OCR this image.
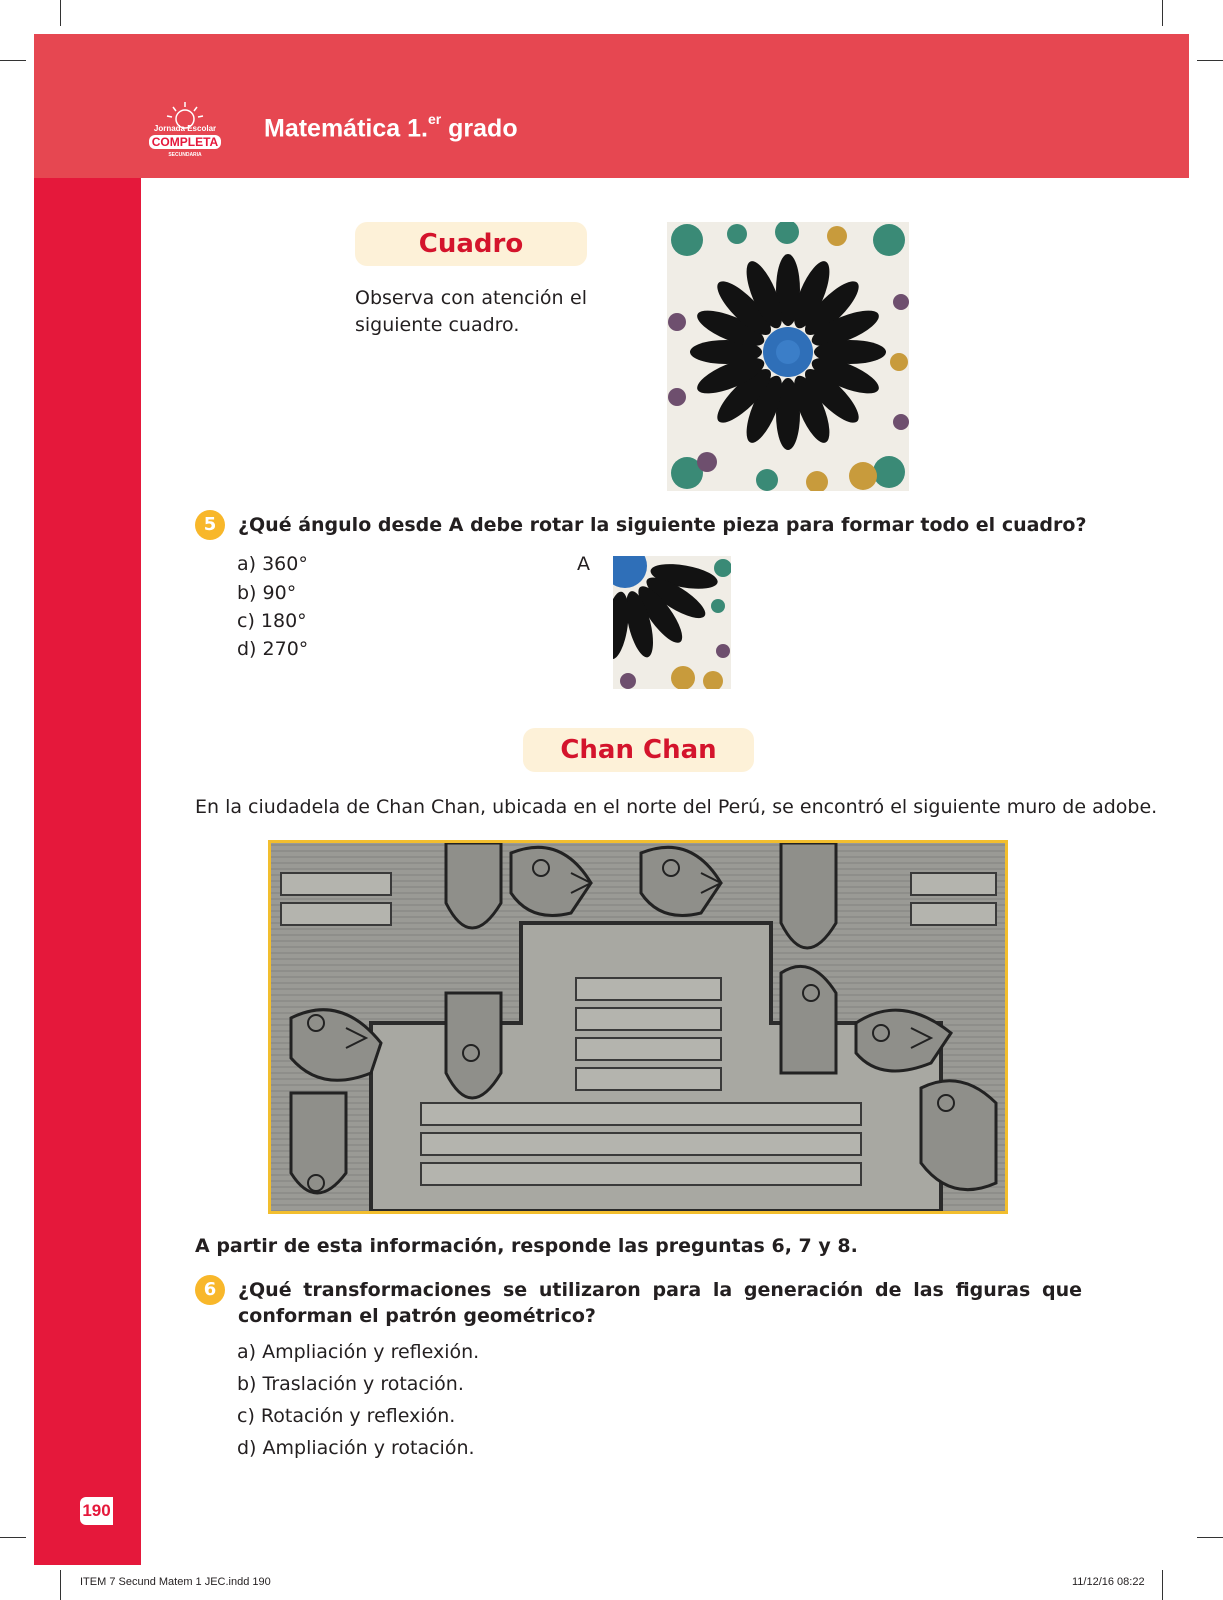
Jornada Escolar
COMPLETA
SECUNDARIA
Matemática 1.$^{er}$ grado
Cuadro
Observa con atención el siguiente cuadro.
5	¿Qué ángulo desde A debe rotar la siguiente pieza para formar todo el cuadro?
a) 360°
b) 90°
c) 180°
d) 270°
A
Chan Chan
En la ciudadela de Chan Chan, ubicada en el norte del Perú, se encontró el siguiente muro de adobe.
A partir de esta información, responde las preguntas 6, 7 y 8.
6	¿Qué transformaciones se utilizaron para la generación de las figuras que conforman el patrón geométrico?
a) Ampliación y reflexión.
b) Traslación y rotación.
c) Rotación y reflexión.
d) Ampliación y rotación.
190
ITEM 7 Secund Matem 1 JEC.indd 190	11/12/16 08:22
